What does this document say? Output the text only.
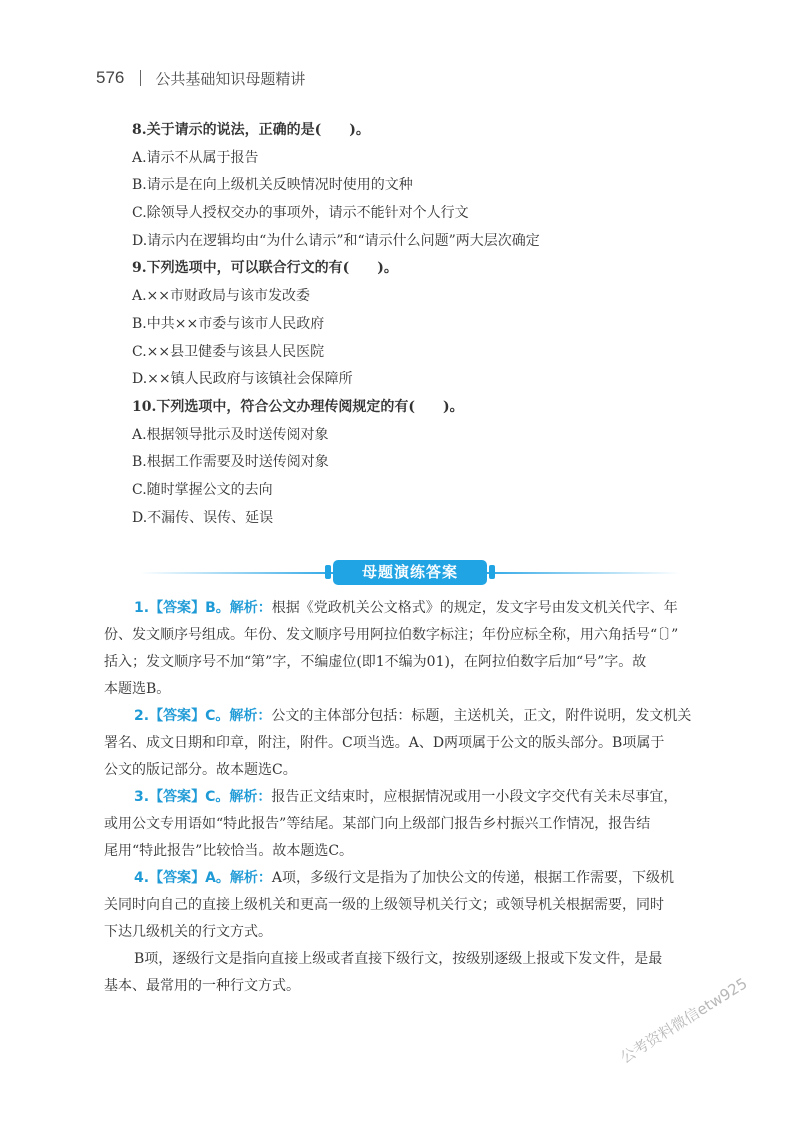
576 公共基础知识母题精讲
8.关于请示的说法，正确的是(　　)。
A.请示不从属于报告
B.请示是在向上级机关反映情况时使用的文种
C.除领导人授权交办的事项外，请示不能针对个人行文
D.请示内在逻辑均由“为什么请示”和“请示什么问题”两大层次确定
9.下列选项中，可以联合行文的有(　　)。
A.××市财政局与该市发改委
B.中共××市委与该市人民政府
C.××县卫健委与该县人民医院
D.××镇人民政府与该镇社会保障所
10.下列选项中，符合公文办理传阅规定的有(　　)。
A.根据领导批示及时送传阅对象
B.根据工作需要及时送传阅对象
C.随时掌握公文的去向
D.不漏传、误传、延误
母题演练答案
1.【答案】B。解析：根据《党政机关公文格式》的规定，发文字号由发文机关代字、年
份、发文顺序号组成。年份、发文顺序号用阿拉伯数字标注；年份应标全称，用六角括号“〔〕”
括入；发文顺序号不加“第”字，不编虚位(即1不编为01)，在阿拉伯数字后加“号”字。故
本题选B。
2.【答案】C。解析：公文的主体部分包括：标题，主送机关，正文，附件说明，发文机关
署名、成文日期和印章，附注，附件。C项当选。A、D两项属于公文的版头部分。B项属于
公文的版记部分。故本题选C。
3.【答案】C。解析：报告正文结束时，应根据情况或用一小段文字交代有关未尽事宜，
或用公文专用语如“特此报告”等结尾。某部门向上级部门报告乡村振兴工作情况，报告结
尾用“特此报告”比较恰当。故本题选C。
4.【答案】A。解析：A项，多级行文是指为了加快公文的传递，根据工作需要，下级机
关同时向自己的直接上级机关和更高一级的上级领导机关行文；或领导机关根据需要，同时
下达几级机关的行文方式。
B项，逐级行文是指向直接上级或者直接下级行文，按级别逐级上报或下发文件，是最
基本、最常用的一种行文方式。	公考资料微信etw925
